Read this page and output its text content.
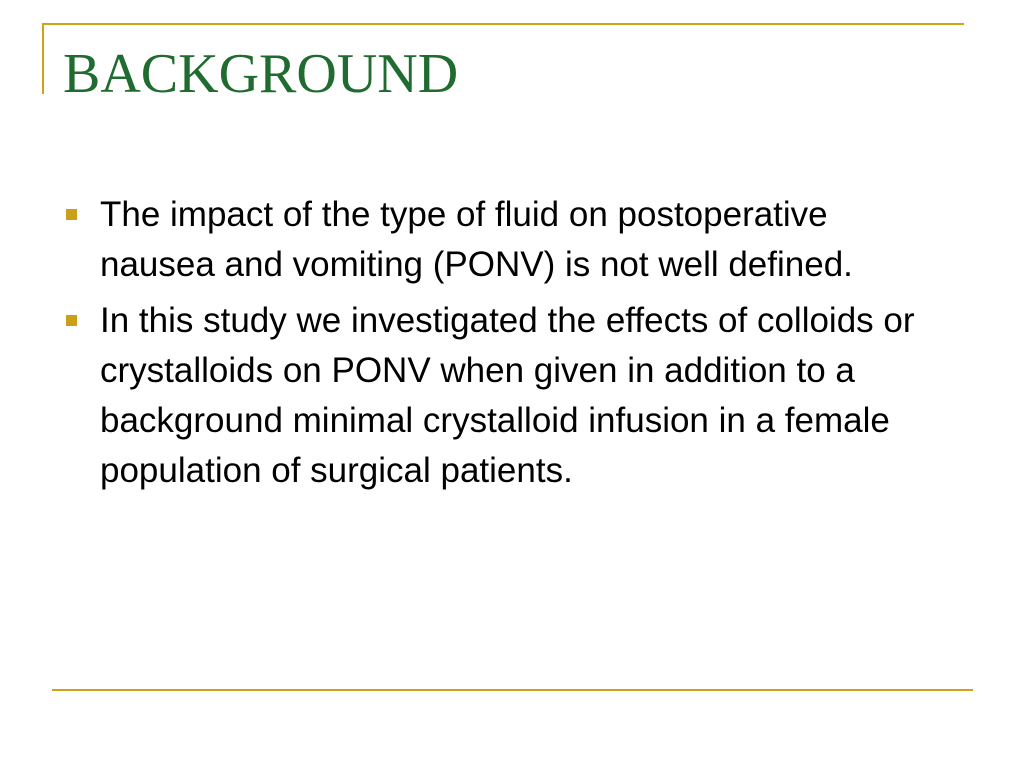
BACKGROUND
The impact of the type of fluid on postoperative nausea and vomiting (PONV) is not well defined.
In this study we investigated the effects of colloids or crystalloids on PONV when given in addition to a background minimal crystalloid infusion in a female population of surgical patients.
